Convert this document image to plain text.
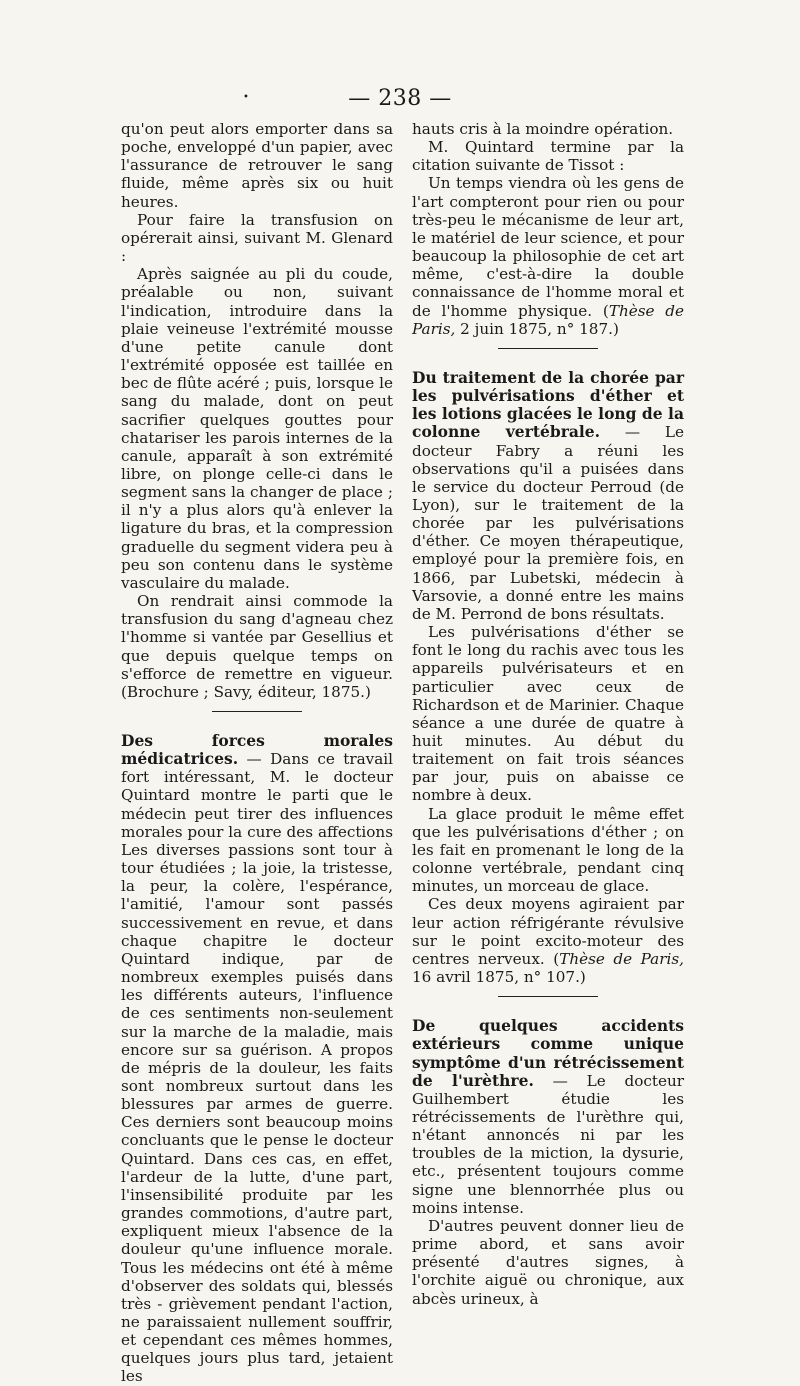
•	— 238 —

qu'on peut alors emporter dans sa poche, enveloppé d'un papier, avec l'assurance de retrouver le sang fluide, même après six ou huit heures.

Pour faire la transfusion on opérerait ainsi, suivant M. Glenard :

Après saignée au pli du coude, préalable ou non, suivant l'indication, introduire dans la plaie veineuse l'extrémité mousse d'une petite canule dont l'extrémité opposée est taillée en bec de flûte acéré ; puis, lorsque le sang du malade, dont on peut sacrifier quelques gouttes pour chatariser les parois internes de la canule, apparaît à son extrémité libre, on plonge celle-ci dans le segment sans la changer de place ; il n'y a plus alors qu'à enlever la ligature du bras, et la compression graduelle du segment videra peu à peu son contenu dans le système vasculaire du malade.

On rendrait ainsi commode la transfusion du sang d'agneau chez l'homme si vantée par Gesellius et que depuis quelque temps on s'efforce de remettre en vigueur. (Brochure ; Savy, éditeur, 1875.)

Des forces morales médicatrices. — Dans ce travail fort intéressant, M. le docteur Quintard montre le parti que le médecin peut tirer des influences morales pour la cure des affections Les diverses passions sont tour à tour étudiées ; la joie, la tristesse, la peur, la colère, l'espérance, l'amitié, l'amour sont passés successivement en revue, et dans chaque chapitre le docteur Quintard indique, par de nombreux exemples puisés dans les différents auteurs, l'influence de ces sentiments non-seulement sur la marche de la maladie, mais encore sur sa guérison. A propos de mépris de la douleur, les faits sont nombreux surtout dans les blessures par armes de guerre. Ces derniers sont beaucoup moins concluants que le pense le docteur Quintard. Dans ces cas, en effet, l'ardeur de la lutte, d'une part, l'insensibilité produite par les grandes commotions, d'autre part, expliquent mieux l'absence de la douleur qu'une influence morale. Tous les médecins ont été à même d'observer des soldats qui, blessés très - grièvement pendant l'action, ne paraissaient nullement souffrir, et cependant ces mêmes hommes, quelques jours plus tard, jetaient les

hauts cris à la moindre opération.

M. Quintard termine par la citation suivante de Tissot :

Un temps viendra où les gens de l'art compteront pour rien ou pour très-peu le mécanisme de leur art, le matériel de leur science, et pour beaucoup la philosophie de cet art même, c'est-à-dire la double connaissance de l'homme moral et de l'homme physique. (Thèse de Paris, 2 juin 1875, n° 187.)

Du traitement de la chorée par les pulvérisations d'éther et les lotions glacées le long de la colonne vertébrale. — Le docteur Fabry a réuni les observations qu'il a puisées dans le service du docteur Perroud (de Lyon), sur le traitement de la chorée par les pulvérisations d'éther. Ce moyen thérapeutique, employé pour la première fois, en 1866, par Lubetski, médecin à Varsovie, a donné entre les mains de M. Perrond de bons résultats.

Les pulvérisations d'éther se font le long du rachis avec tous les appareils pulvérisateurs et en particulier avec ceux de Richardson et de Marinier. Chaque séance a une durée de quatre à huit minutes. Au début du traitement on fait trois séances par jour, puis on abaisse ce nombre à deux.

La glace produit le même effet que les pulvérisations d'éther ; on les fait en promenant le long de la colonne vertébrale, pendant cinq minutes, un morceau de glace.

Ces deux moyens agiraient par leur action réfrigérante révulsive sur le point excito-moteur des centres nerveux. (Thèse de Paris, 16 avril 1875, n° 107.)

De quelques accidents extérieurs comme unique symptôme d'un rétrécissement de l'urèthre. — Le docteur Guilhembert étudie les rétrécissements de l'urèthre qui, n'étant annoncés ni par les troubles de la miction, la dysurie, etc., présentent toujours comme signe une blennorrhée plus ou moins intense.

D'autres peuvent donner lieu de prime abord, et sans avoir présenté d'autres signes, à l'orchite aiguë ou chronique, aux abcès urineux, à
